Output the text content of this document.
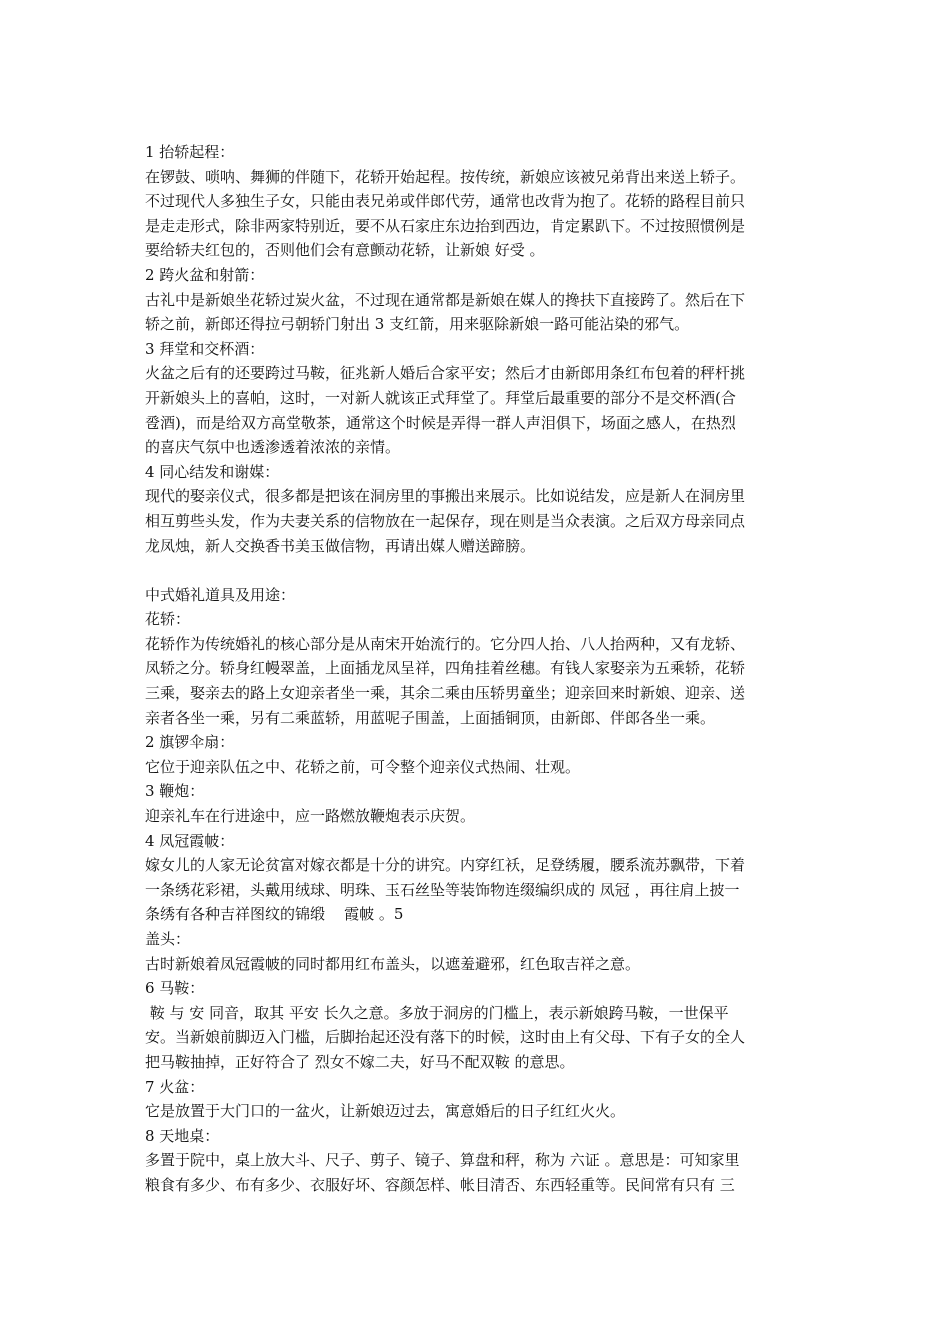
1 抬轿起程：
在锣鼓、唢呐、舞狮的伴随下，花轿开始起程。按传统，新娘应该被兄弟背出来送上轿子。
不过现代人多独生子女，只能由表兄弟或伴郎代劳，通常也改背为抱了。花轿的路程目前只
是走走形式，除非两家特别近，要不从石家庄东边抬到西边，肯定累趴下。不过按照惯例是
要给轿夫红包的，否则他们会有意颤动花轿，让新娘 好受 。
2 跨火盆和射箭：
古礼中是新娘坐花轿过炭火盆，不过现在通常都是新娘在媒人的搀扶下直接跨了。然后在下
轿之前，新郎还得拉弓朝轿门射出 3 支红箭，用来驱除新娘一路可能沾染的邪气。
3 拜堂和交杯酒：
火盆之后有的还要跨过马鞍，征兆新人婚后合家平安；然后才由新郎用条红布包着的秤杆挑
开新娘头上的喜帕，这时，一对新人就该正式拜堂了。拜堂后最重要的部分不是交杯酒(合
卺酒)，而是给双方高堂敬茶，通常这个时候是弄得一群人声泪俱下，场面之感人，在热烈
的喜庆气氛中也透渗透着浓浓的亲情。
4 同心结发和谢媒：
现代的娶亲仪式，很多都是把该在洞房里的事搬出来展示。比如说结发，应是新人在洞房里
相互剪些头发，作为夫妻关系的信物放在一起保存，现在则是当众表演。之后双方母亲同点
龙凤烛，新人交换香书美玉做信物，再请出媒人赠送蹄膀。
中式婚礼道具及用途：
花轿：
花轿作为传统婚礼的核心部分是从南宋开始流行的。它分四人抬、八人抬两种，又有龙轿、
凤轿之分。轿身红幔翠盖，上面插龙凤呈祥，四角挂着丝穗。有钱人家娶亲为五乘轿，花轿
三乘，娶亲去的路上女迎亲者坐一乘，其余二乘由压轿男童坐；迎亲回来时新娘、迎亲、送
亲者各坐一乘，另有二乘蓝轿，用蓝呢子围盖，上面插铜顶，由新郎、伴郎各坐一乘。
2 旗锣伞扇：
它位于迎亲队伍之中、花轿之前，可令整个迎亲仪式热闹、壮观。
3 鞭炮：
迎亲礼车在行进途中，应一路燃放鞭炮表示庆贺。
4 凤冠霞帔：
嫁女儿的人家无论贫富对嫁衣都是十分的讲究。内穿红袄，足登绣履，腰系流苏飘带，下着
一条绣花彩裙，头戴用绒球、明珠、玉石丝坠等装饰物连缀编织成的 凤冠 ，再往肩上披一
条绣有各种吉祥图纹的锦缎    霞帔 。5
盖头：
古时新娘着凤冠霞帔的同时都用红布盖头，以遮羞避邪，红色取吉祥之意。
6 马鞍：
鞍 与 安 同音，取其 平安 长久之意。多放于洞房的门槛上，表示新娘跨马鞍，一世保平
安。当新娘前脚迈入门槛，后脚抬起还没有落下的时候，这时由上有父母、下有子女的全人
把马鞍抽掉，正好符合了 烈女不嫁二夫，好马不配双鞍 的意思。
7 火盆：
它是放置于大门口的一盆火，让新娘迈过去，寓意婚后的日子红红火火。
8 天地桌：
多置于院中，桌上放大斗、尺子、剪子、镜子、算盘和秤，称为 六证 。意思是：可知家里
粮食有多少、布有多少、衣服好坏、容颜怎样、帐目清否、东西轻重等。民间常有只有 三
